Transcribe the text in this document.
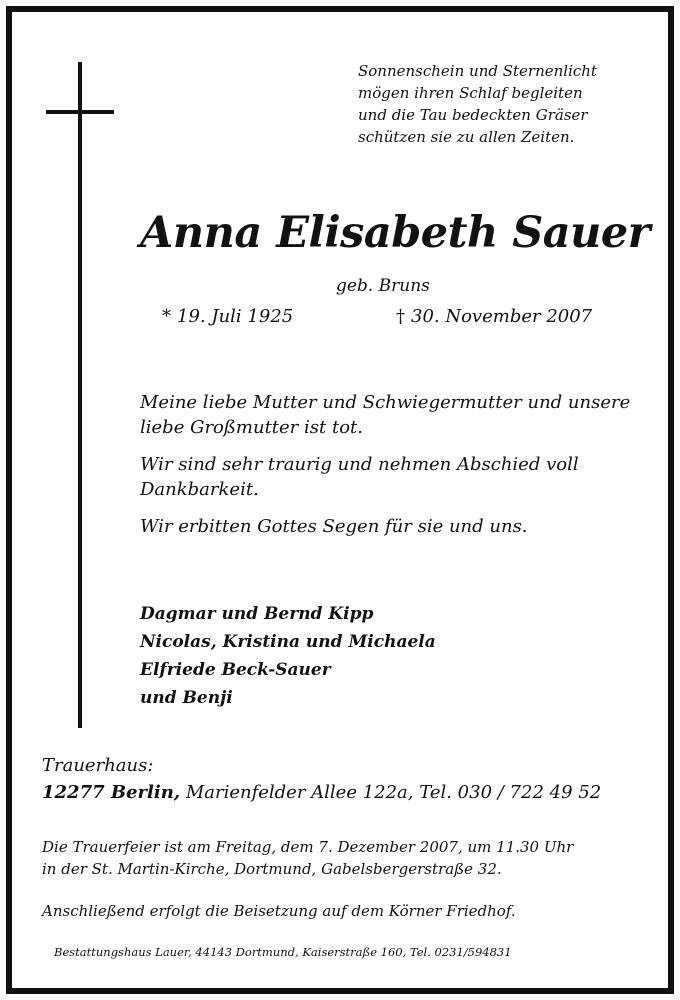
Sonnenschein und Sternenlicht
mögen ihren Schlaf begleiten
und die Tau bedeckten Gräser
schützen sie zu allen Zeiten.
Anna Elisabeth Sauer
geb. Bruns
* 19. Juli 1925	† 30. November 2007

Meine liebe Mutter und Schwiegermutter und unsere liebe Großmutter ist tot.

Wir sind sehr traurig und nehmen Abschied voll Dankbarkeit.

Wir erbitten Gottes Segen für sie und uns.

Dagmar und Bernd Kipp
Nicolas, Kristina und Michaela
Elfriede Beck-Sauer
und Benji
Trauerhaus:
12277 Berlin, Marienfelder Allee 122a, Tel. 030 / 722 49 52
Die Trauerfeier ist am Freitag, dem 7. Dezember 2007, um 11.30 Uhr
in der St. Martin-Kirche, Dortmund, Gabelsbergerstraße 32.
Anschließend erfolgt die Beisetzung auf dem Körner Friedhof.
Bestattungshaus Lauer, 44143 Dortmund, Kaiserstraße 160, Tel. 0231/594831
